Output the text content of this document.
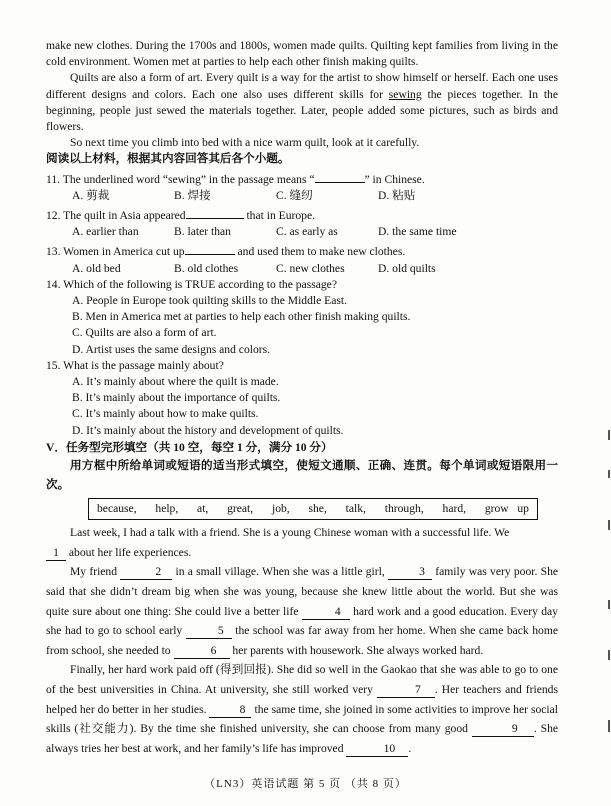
make new clothes. During the 1700s and 1800s, women made quilts. Quilting kept families from living in the cold environment. Women met at parties to help each other finish making quilts.

Quilts are also a form of art. Every quilt is a way for the artist to show himself or herself. Each one uses different designs and colors. Each one also uses different skills for sewing the pieces together. In the beginning, people just sewed the materials together. Later, people added some pictures, such as birds and flowers.

So next time you climb into bed with a nice warm quilt, look at it carefully.

阅读以上材料，根据其内容回答其后各个小题。

11. The underlined word “sewing” in the passage means “	” in Chinese.

A. 剪裁	B. 焊接	C. 缝纫	D. 粘贴

12. The quilt in Asia appeared	that in Europe.

A. earlier than	B. later than	C. as early as	D. the same time

13. Women in America cut up	and used them to make new clothes.

A. old bed	B. old clothes	C. new clothes	D. old quilts

14. Which of the following is TRUE according to the passage?

A. People in Europe took quilting skills to the Middle East.

B. Men in America met at parties to help each other finish making quilts.

C. Quilts are also a form of art.

D. Artist uses the same designs and colors.

15. What is the passage mainly about?

A. It’s mainly about where the quilt is made.

B. It’s mainly about the importance of quilts.

C. It’s mainly about how to make quilts.

D. It’s mainly about the history and development of quilts.

V．任务型完形填空（共 10 空，每空 1 分，满分 10 分）

用方框中所给单词或短语的适当形式填空，使短文通顺、正确、连贯。每个单词或短语限用一次。

because, help, at, great, job, she, talk, through, hard, grow   up

Last week, I had a talk with a friend. She is a young Chinese woman with a successful life. We

1 about her life experiences.

My friend	2 in a small village. When she was a little girl,	3 family was very poor. She said that she didn’t dream big when she was young, because she knew little about the world. But she was quite sure about one thing: She could live a better life	4 hard work and a good education. Every day she had to go to school early	5 the school was far away from her home. When she came back home from school, she needed to	6 her parents with housework. She always worked hard.

Finally, her hard work paid off (得到回报). She did so well in the Gaokao that she was able to go to one of the best universities in China. At university, she still worked very	7 . Her teachers and friends helped her do better in her studies.	8 the same time, she joined in some activities to improve her social skills (社交能力). By the time she finished university, she can choose from many good	9 . She always tries her best at work, and her family’s life has improved	10 .

（LN3）英语试题 第 5 页 （共 8 页）
